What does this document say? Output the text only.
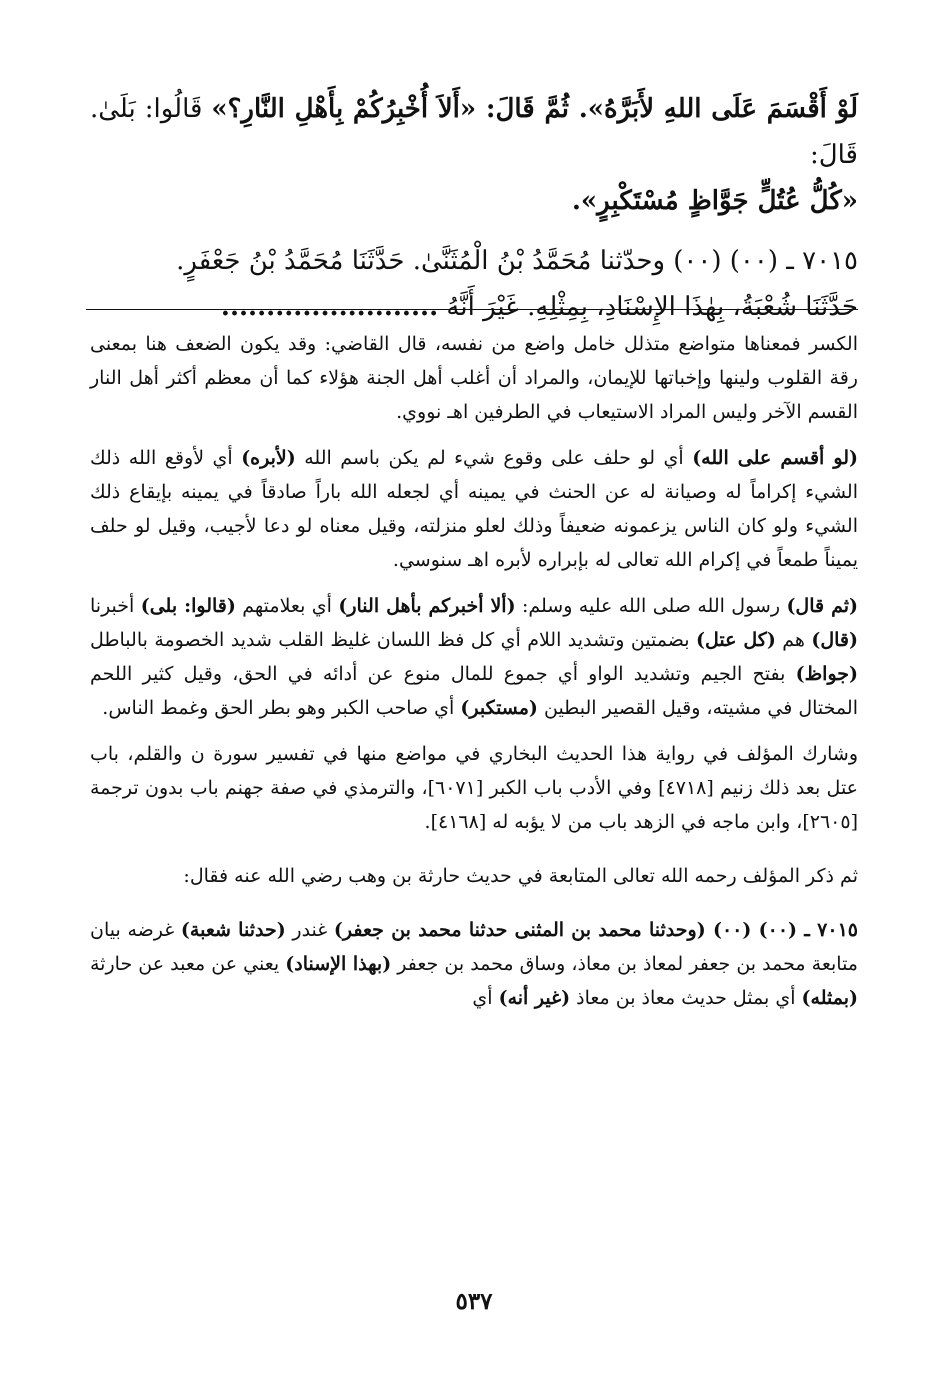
لَوْ أَقْسَمَ عَلَى اللهِ لأَبَرَّهُ». ثُمَّ قَالَ: «أَلاَ أُخْبِرُكُمْ بِأَهْلِ النَّارِ؟» قَالُوا: بَلَىٰ. قَالَ:
«كُلُّ عُتُلٍّ جَوَّاظٍ مُسْتَكْبِرٍ».

٧٠١٥ ـ (٠٠) (٠٠) وحدّثنا مُحَمَّدُ بْنُ الْمُثَنَّىٰ. حَدَّثَنَا مُحَمَّدُ بْنُ جَعْفَرٍ.
حَدَّثَنَا شُعْبَةُ، بِهٰذَا الإِسْنَادِ، بِمِثْلِهِ. غَيْرَ أَنَّهُ ........................

الكسر فمعناها متواضع متذلل خامل واضع من نفسه، قال القاضي: وقد يكون الضعف هنا بمعنى رقة القلوب ولينها وإخباتها للإيمان، والمراد أن أغلب أهل الجنة هؤلاء كما أن معظم أكثر أهل النار القسم الآخر وليس المراد الاستيعاب في الطرفين اهـ نووي.

(لو أقسم على الله) أي لو حلف على وقوع شيء لم يكن باسم الله (لأبره) أي لأوقع الله ذلك الشيء إكراماً له وصيانة له عن الحنث في يمينه أي لجعله الله باراً صادقاً في يمينه بإيقاع ذلك الشيء ولو كان الناس يزعمونه ضعيفاً وذلك لعلو منزلته، وقيل معناه لو دعا لأجيب، وقيل لو حلف يميناً طمعاً في إكرام الله تعالى له بإبراره لأبره اهـ سنوسي.

(ثم قال) رسول الله صلى الله عليه وسلم: (ألا أخبركم بأهل النار) أي بعلامتهم (قالوا: بلى) أخبرنا (قال) هم (كل عتل) بضمتين وتشديد اللام أي كل فظ اللسان غليظ القلب شديد الخصومة بالباطل (جواظ) بفتح الجيم وتشديد الواو أي جموع للمال منوع عن أدائه في الحق، وقيل كثير اللحم المختال في مشيته، وقيل القصير البطين (مستكبر) أي صاحب الكبر وهو بطر الحق وغمط الناس.

وشارك المؤلف في رواية هذا الحديث البخاري في مواضع منها في تفسير سورة ن والقلم، باب عتل بعد ذلك زنيم [٤٧١٨] وفي الأدب باب الكبر [٦٠٧١]، والترمذي في صفة جهنم باب بدون ترجمة [٢٦٠٥]، وابن ماجه في الزهد باب من لا يؤبه له [٤١٦٨].

ثم ذكر المؤلف رحمه الله تعالى المتابعة في حديث حارثة بن وهب رضي الله عنه فقال:

٧٠١٥ ـ (٠٠) (٠٠) (وحدثنا محمد بن المثنى حدثنا محمد بن جعفر) غندر (حدثنا شعبة) غرضه بيان متابعة محمد بن جعفر لمعاذ بن معاذ، وساق محمد بن جعفر (بهذا الإسناد) يعني عن معبد عن حارثة (بمثله) أي بمثل حديث معاذ بن معاذ (غير أنه) أي

٥٣٧
